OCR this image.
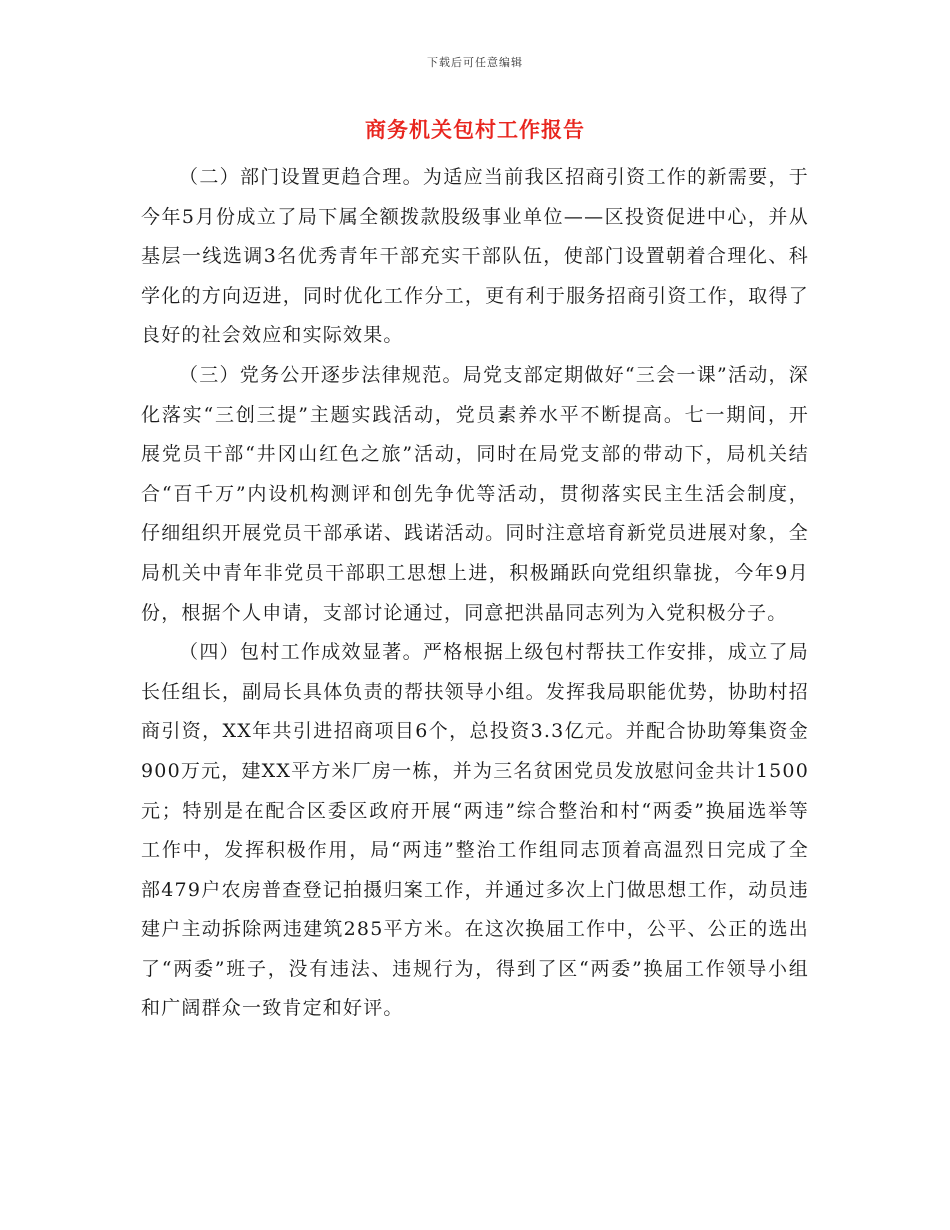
下载后可任意编辑
商务机关包村工作报告

（二）部门设置更趋合理。为适应当前我区招商引资工作的新需要，于今年5月份成立了局下属全额拨款股级事业单位——区投资促进中心，并从基层一线选调3名优秀青年干部充实干部队伍，使部门设置朝着合理化、科学化的方向迈进，同时优化工作分工，更有利于服务招商引资工作，取得了良好的社会效应和实际效果。

（三）党务公开逐步法律规范。局党支部定期做好“三会一课”活动，深化落实“三创三提”主题实践活动，党员素养水平不断提高。七一期间，开展党员干部“井冈山红色之旅”活动，同时在局党支部的带动下，局机关结合“百千万”内设机构测评和创先争优等活动，贯彻落实民主生活会制度，仔细组织开展党员干部承诺、践诺活动。同时注意培育新党员进展对象，全局机关中青年非党员干部职工思想上进，积极踊跃向党组织靠拢，今年9月份，根据个人申请，支部讨论通过，同意把洪晶同志列为入党积极分子。

（四）包村工作成效显著。严格根据上级包村帮扶工作安排，成立了局长任组长，副局长具体负责的帮扶领导小组。发挥我局职能优势，协助村招商引资，XX年共引进招商项目6个，总投资3.3亿元。并配合协助筹集资金900万元，建XX平方米厂房一栋，并为三名贫困党员发放慰问金共计1500元；特别是在配合区委区政府开展“两违”综合整治和村“两委”换届选举等工作中，发挥积极作用，局“两违”整治工作组同志顶着高温烈日完成了全部479户农房普查登记拍摄归案工作，并通过多次上门做思想工作，动员违建户主动拆除两违建筑285平方米。在这次换届工作中，公平、公正的选出了“两委”班子，没有违法、违规行为，得到了区“两委”换届工作领导小组和广阔群众一致肯定和好评。
